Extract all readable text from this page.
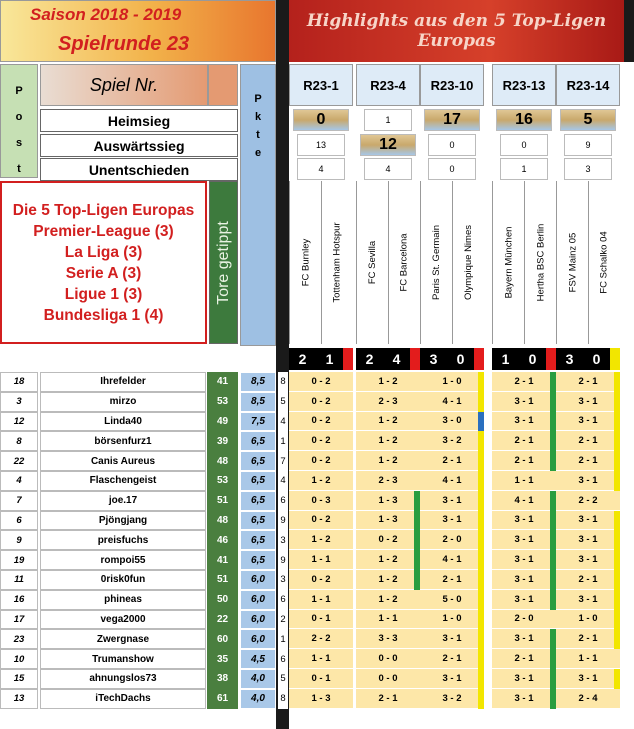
Saison 2018 - 2019
Spielrunde 23
Highlights aus den 5 Top-Ligen Europas
P
o
s
t
Spiel Nr.
P
k
t
e
Heimsieg
Auswärtssieg
Unentschieden
Die 5 Top-Ligen Europas
Premier-League (3)
La Liga (3)
Serie A (3)
Ligue 1 (3)
Bundesliga 1 (4)
Tore getippt
R23-1
0
13
4
FC Burnley Tottenham Hotspur
2	1
R23-4
1
12
4
FC Sevilla FC Barcelona
2	4
R23-10
17
0
0
Paris St. Germain Olympique Nimes
3	0
R23-13
16
0
1
Bayern München Hertha BSC Berlin
1	0
R23-14
5
9
3
FSV Mainz 05 FC Schalko 04
3	0
18	Ihrefelder	41	8,5	8	0 - 2	1 - 2	1 - 0	2 - 1	2 - 1
3	mirzo	53	8,5	5	0 - 2	2 - 3	4 - 1	3 - 1	3 - 1
12	Linda40	49	7,5	4	0 - 2	1 - 2	3 - 0	3 - 1	3 - 1
8	börsenfurz1	39	6,5	1	0 - 2	1 - 2	3 - 2	2 - 1	2 - 1
22	Canis Aureus	48	6,5	7	0 - 2	1 - 2	2 - 1	2 - 1	2 - 1
4	Flaschengeist	53	6,5	4	1 - 2	2 - 3	4 - 1	1 - 1	3 - 1
7	joe.17	51	6,5	6	0 - 3	1 - 3	3 - 1	4 - 1	2 - 2
6	Pjöngjang	48	6,5	9	0 - 2	1 - 3	3 - 1	3 - 1	3 - 1
9	preisfuchs	46	6,5	3	1 - 2	0 - 2	2 - 0	3 - 1	3 - 1
19	rompoi55	41	6,5	9	1 - 1	1 - 2	4 - 1	3 - 1	3 - 1
11	0risk0fun	51	6,0	3	0 - 2	1 - 2	2 - 1	3 - 1	2 - 1
16	phineas	50	6,0	6	1 - 1	1 - 2	5 - 0	3 - 1	3 - 1
17	vega2000	22	6,0	2	0 - 1	1 - 1	1 - 0	2 - 0	1 - 0
23	Zwergnase	60	6,0	1	2 - 2	3 - 3	3 - 1	3 - 1	2 - 1
10	Trumanshow	35	4,5	6	1 - 1	0 - 0	2 - 1	2 - 1	1 - 1
15	ahnungslos73	38	4,0	5	0 - 1	0 - 0	3 - 1	3 - 1	3 - 1
13	iTechDachs	61	4,0	8	1 - 3	2 - 1	3 - 2	3 - 1	2 - 4
